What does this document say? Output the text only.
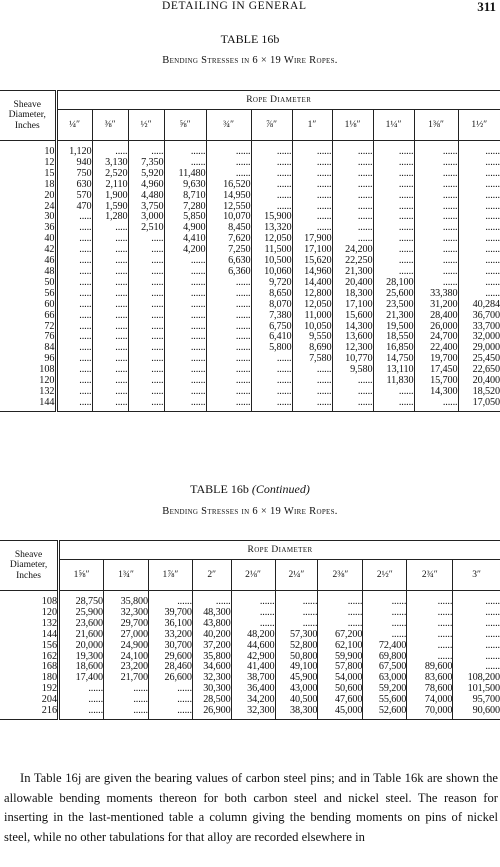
DETAILING IN GENERAL	311
TABLE 16b
Bending Stresses in 6 × 19 Wire Ropes.
Sheave
Diameter,
Inches	Rope Diameter										
	¼″	⅜″	½″	⅝″	¾″	⅞″	1″	1⅛″	1¼″	1⅜″	1½″

10	1,120	.....	.....	......	......	......	......	......	......	......	......
12	940	3,130	7,350	......	......	......	......	......	......	......	......
15	750	2,520	5,920	11,480	......	......	......	......	......	......	......
18	630	2,110	4,960	9,630	16,520	......	......	......	......	......	......
20	570	1,900	4,480	8,710	14,950	......	......	......	......	......	......
24	470	1,590	3,750	7,280	12,550	......	......	......	......	......	......
30	.....	1,280	3,000	5,850	10,070	15,900	......	......	......	......	......
36	.....	.....	2,510	4,900	8,450	13,320	......	......	......	......	......
40	.....	.....	.....	4,410	7,620	12,050	17,900	......	......	......	......
42	.....	.....	.....	4,200	7,250	11,500	17,100	24,200	......	......	......
46	.....	.....	.....	......	6,630	10,500	15,620	22,250	......	......	......
48	.....	.....	.....	......	6,360	10,060	14,960	21,300	......	......	......
50	.....	.....	.....	......	......	9,720	14,400	20,400	28,100	......	......
56	.....	.....	.....	......	......	8,650	12,800	18,300	25,600	33,380	......
60	.....	.....	.....	......	......	8,070	12,050	17,100	23,500	31,200	40,284
66	.....	.....	.....	......	......	7,380	11,000	15,600	21,300	28,400	36,700
72	.....	.....	.....	......	......	6,750	10,050	14,300	19,500	26,000	33,700
76	.....	.....	.....	......	......	6,410	9,550	13,600	18,550	24,700	32,000
84	.....	.....	.....	......	......	5,800	8,690	12,300	16,850	22,400	29,000
96	.....	.....	.....	......	......	......	7,580	10,770	14,750	19,700	25,450
108	.....	.....	.....	......	......	......	......	9,580	13,110	17,450	22,650
120	.....	.....	.....	......	......	......	......	......	11,830	15,700	20,400
132	.....	.....	.....	......	......	......	......	......	......	14,300	18,520
144	.....	.....	.....	......	......	......	......	......	......	......	17,050

TABLE 16b (Continued)
Bending Stresses in 6 × 19 Wire Ropes.
Sheave
Diameter,
Inches	Rope Diameter									
	1⅝″	1¾″	1⅞″	2″	2⅛″	2¼″	2⅜″	2½″	2¾″	3″

108	28,750	35,800	......	......	......	......	......	......	......	......
120	25,900	32,300	39,700	48,300	......	......	......	......	......	......
132	23,600	29,700	36,100	43,800	......	......	......	......	......	......
144	21,600	27,000	33,200	40,200	48,200	57,300	67,200	......	......	......
156	20,000	24,900	30,700	37,200	44,600	52,800	62,100	72,400	......	......
162	19,300	24,100	29,600	35,800	42,900	50,800	59,900	69,800	......	......
168	18,600	23,200	28,460	34,600	41,400	49,100	57,800	67,500	89,600	......
180	17,400	21,700	26,600	32,300	38,700	45,900	54,000	63,000	83,600	108,200
192	......	......	......	30,300	36,400	43,000	50,600	59,200	78,600	101,500
204	......	......	......	28,500	34,200	40,500	47,600	55,600	74,000	95,700
216	......	......	......	26,900	32,300	38,300	45,000	52,600	70,000	90,600

In Table 16j are given the bearing values of carbon steel pins; and in Table 16k are shown the allowable bending moments thereon for both carbon steel and nickel steel. The reason for inserting in the last-mentioned table a column giving the bending moments on pins of nickel steel, while no other tabulations for that alloy are recorded elsewhere in
